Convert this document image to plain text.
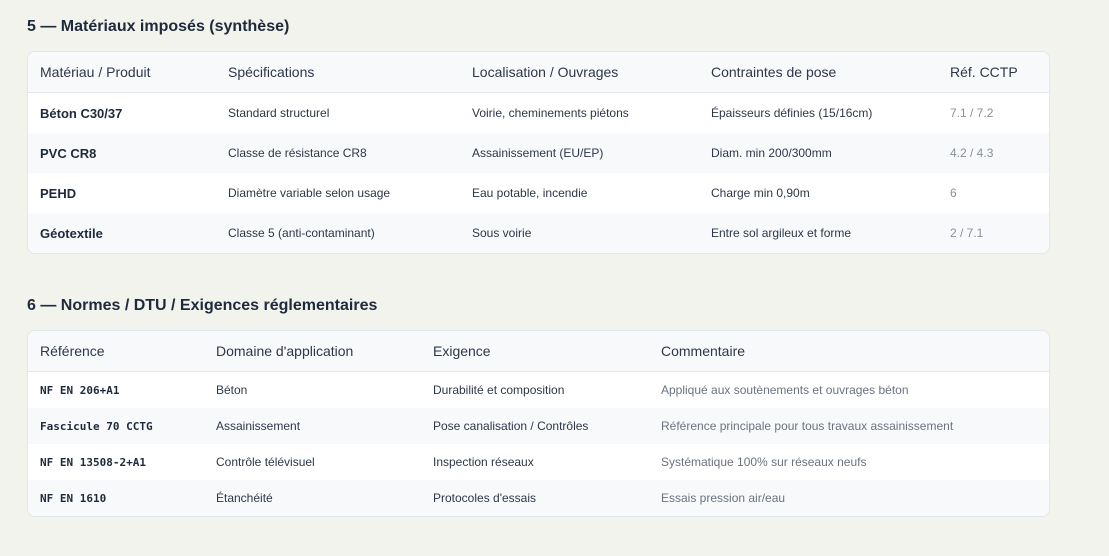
5 — Matériaux imposés (synthèse)
Matériau / Produit	Spécifications	Localisation / Ouvrages	Contraintes de pose	Réf. CCTP
Béton C30/37	Standard structurel	Voirie, cheminements piétons	Épaisseurs définies (15/16cm)	7.1 / 7.2
PVC CR8	Classe de résistance CR8	Assainissement (EU/EP)	Diam. min 200/300mm	4.2 / 4.3
PEHD	Diamètre variable selon usage	Eau potable, incendie	Charge min 0,90m	6
Géotextile	Classe 5 (anti-contaminant)	Sous voirie	Entre sol argileux et forme	2 / 7.1
6 — Normes / DTU / Exigences réglementaires
Référence	Domaine d'application	Exigence	Commentaire
NF EN 206+A1	Béton	Durabilité et composition	Appliqué aux soutènements et ouvrages béton
Fascicule 70 CCTG	Assainissement	Pose canalisation / Contrôles	Référence principale pour tous travaux assainissement
NF EN 13508-2+A1	Contrôle télévisuel	Inspection réseaux	Systématique 100% sur réseaux neufs
NF EN 1610	Étanchéité	Protocoles d'essais	Essais pression air/eau
